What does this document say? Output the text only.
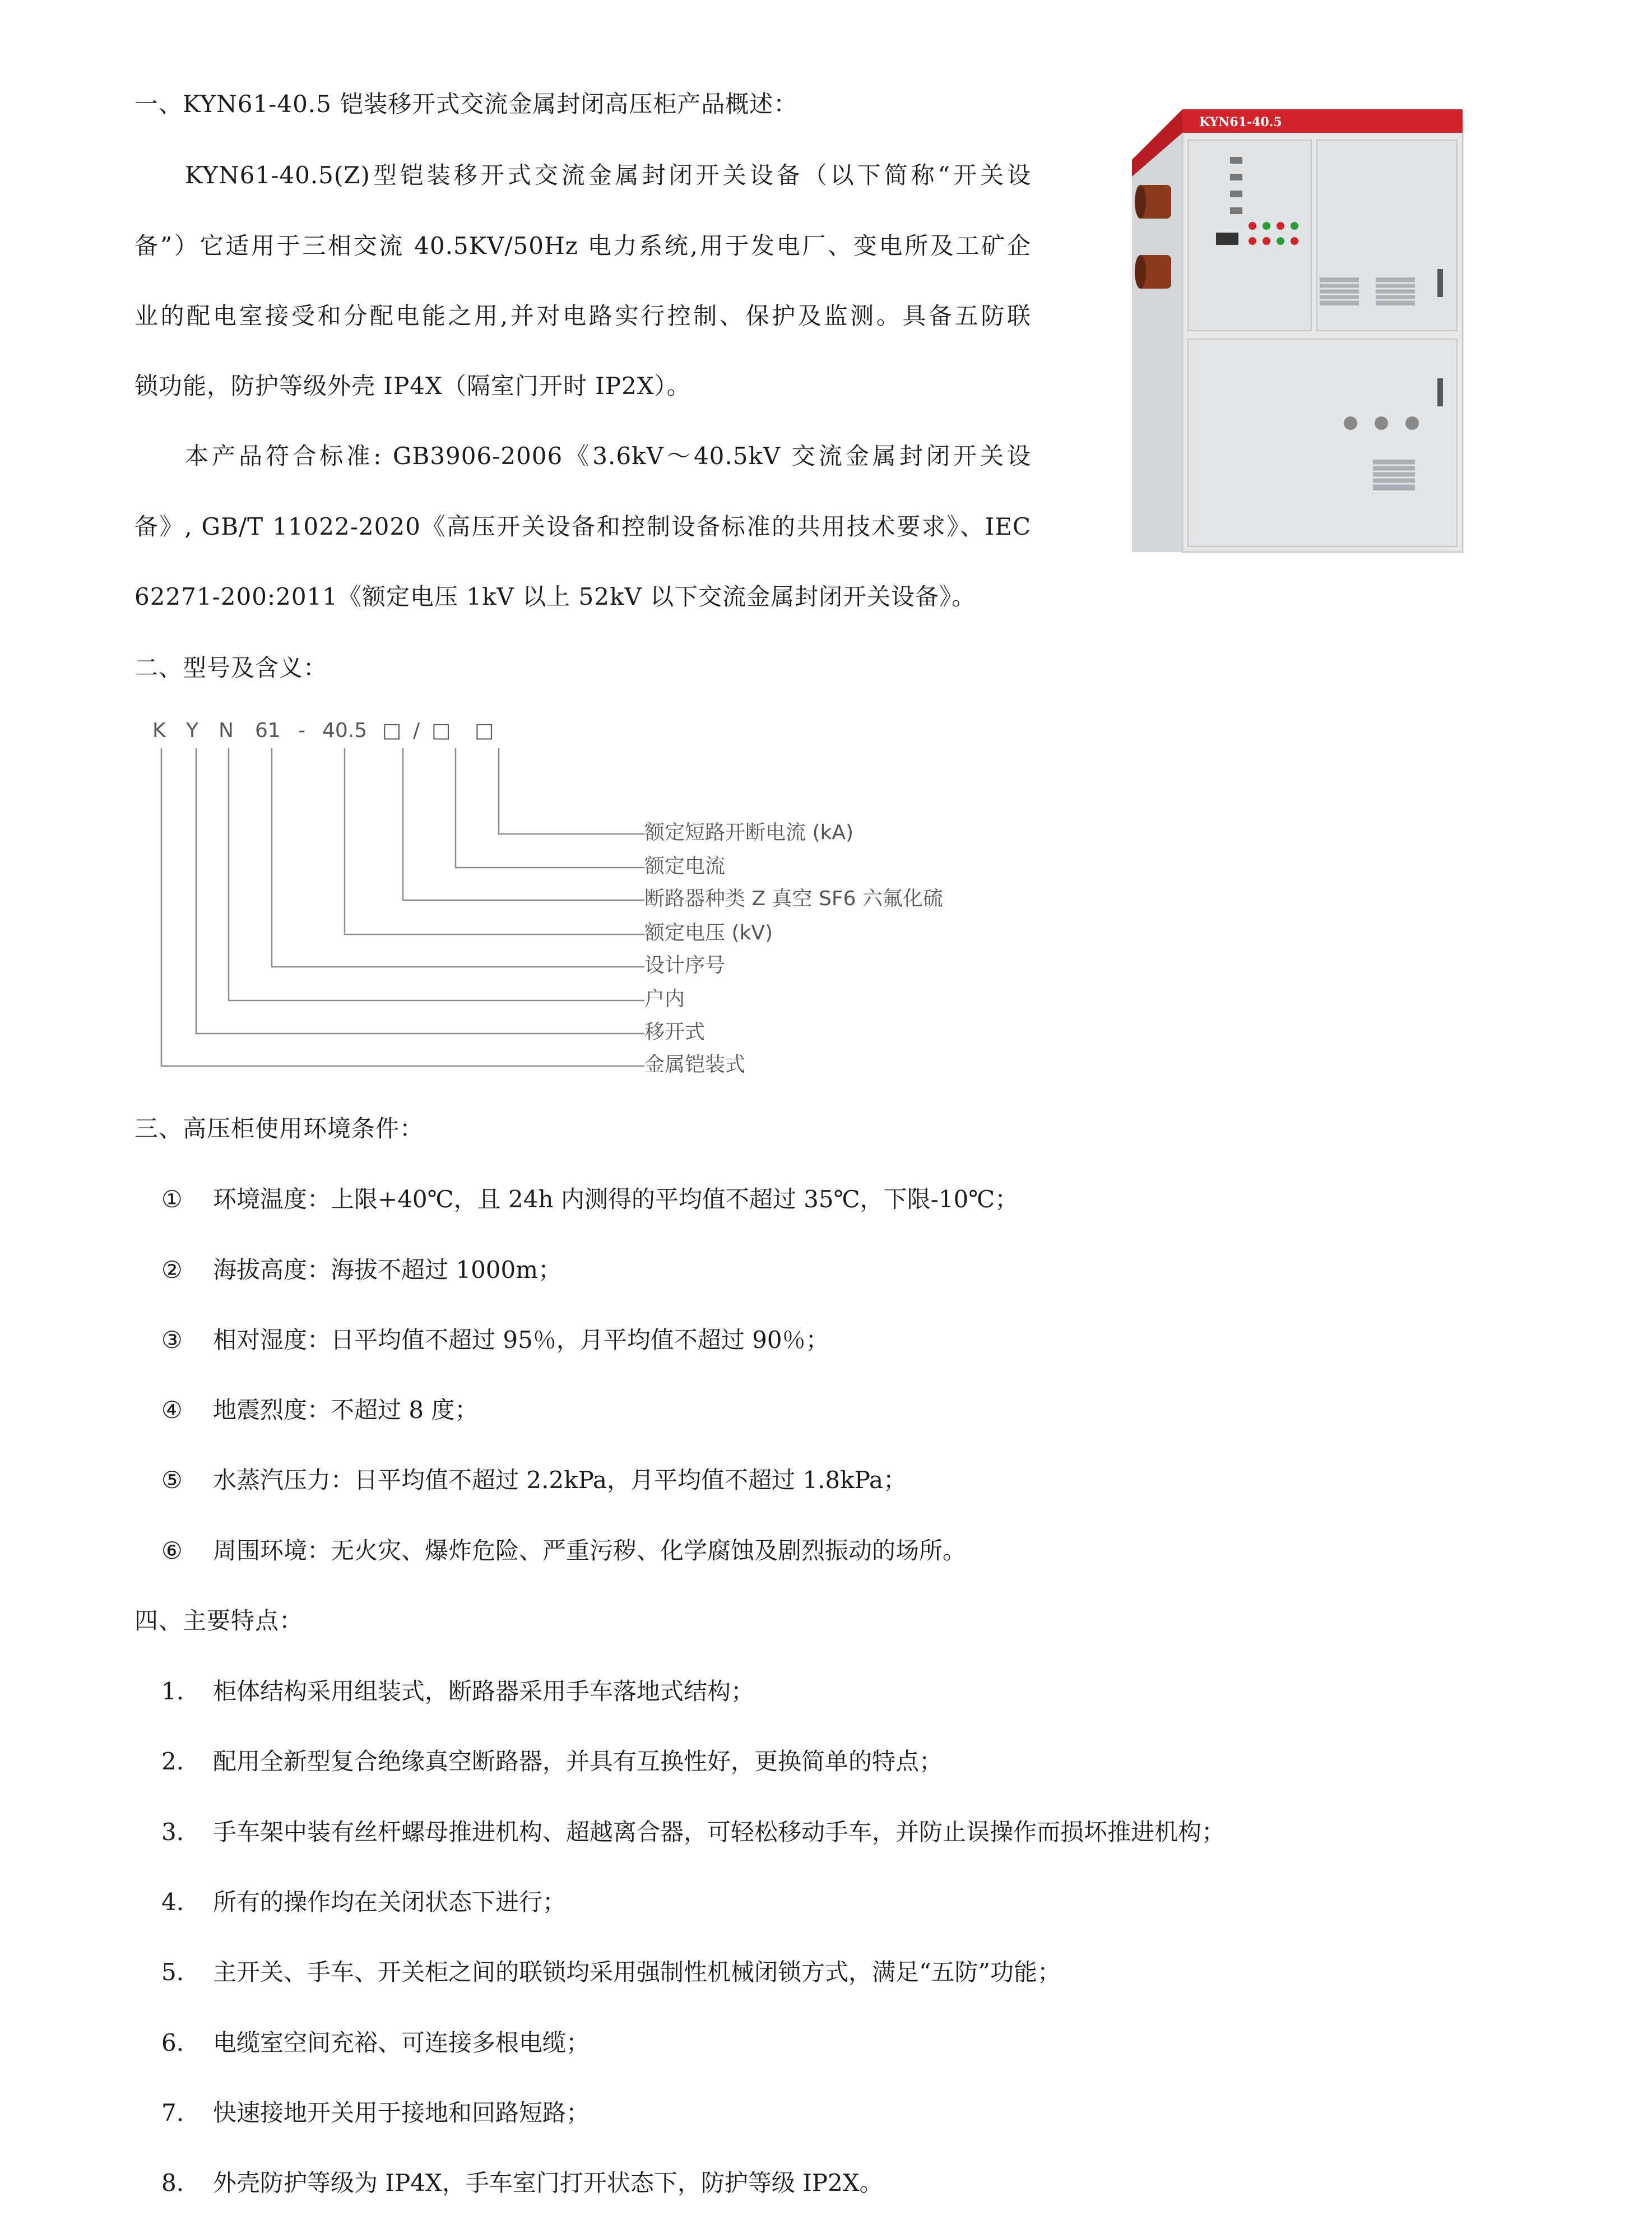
一、KYN61-40.5 铠装移开式交流金属封闭高压柜产品概述：
KYN61-40.5(Z)型铠装移开式交流金属封闭开关设备（以下简称“开关设
备”）它适用于三相交流 40.5KV/50Hz 电力系统,用于发电厂、变电所及工矿企
业的配电室接受和分配电能之用,并对电路实行控制、保护及监测。具备五防联
锁功能，防护等级外壳 IP4X（隔室门开时 IP2X）。
本产品符合标准: GB3906-2006《3.6kV～40.5kV 交流金属封闭开关设
备》, GB/T 11022-2020《高压开关设备和控制设备标准的共用技术要求》、IEC
62271-200:2011《额定电压 1kV 以上 52kV 以下交流金属封闭开关设备》。
KYN61-40.5
二、型号及含义：
K Y N 61 - 40.5 □ / □ □
额定短路开断电流 (kA)
额定电流
断路器种类 Z 真空 SF6 六氟化硫
额定电压 (kV)
设计序号
户内
移开式
金属铠装式
三、高压柜使用环境条件：
① 环境温度：上限+40℃，且 24h 内测得的平均值不超过 35℃，下限-10℃；
② 海拔高度：海拔不超过 1000m；
③ 相对湿度：日平均值不超过 95％，月平均值不超过 90％；
④ 地震烈度：不超过 8 度；
⑤ 水蒸汽压力：日平均值不超过 2.2kPa，月平均值不超过 1.8kPa；
⑥ 周围环境：无火灾、爆炸危险、严重污秽、化学腐蚀及剧烈振动的场所。
四、主要特点：
1. 柜体结构采用组装式，断路器采用手车落地式结构；
2. 配用全新型复合绝缘真空断路器，并具有互换性好，更换简单的特点；
3. 手车架中装有丝杆螺母推进机构、超越离合器，可轻松移动手车，并防止误操作而损坏推进机构；
4. 所有的操作均在关闭状态下进行；
5. 主开关、手车、开关柜之间的联锁均采用强制性机械闭锁方式，满足“五防”功能；
6. 电缆室空间充裕、可连接多根电缆；
7. 快速接地开关用于接地和回路短路；
8. 外壳防护等级为 IP4X，手车室门打开状态下，防护等级 IP2X。
